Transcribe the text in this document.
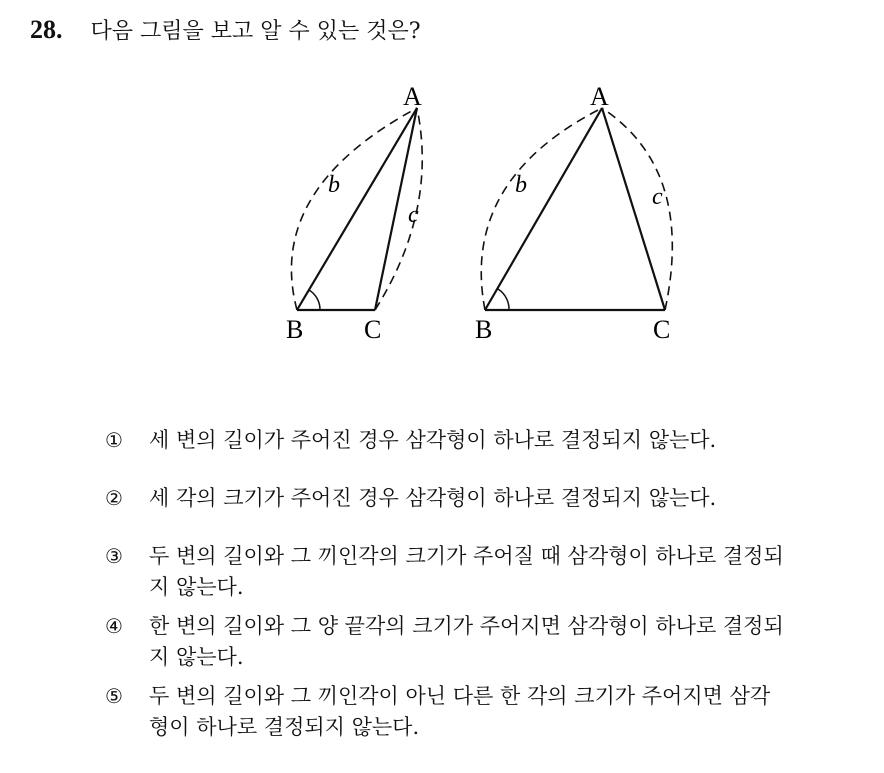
28. 다음 그림을 보고 알 수 있는 것은?
A
B C
b
c
A
B	C
b	c
①	세 변의 길이가 주어진 경우 삼각형이 하나로 결정되지 않는다.
②	세 각의 크기가 주어진 경우 삼각형이 하나로 결정되지 않는다.
③	두 변의 길이와 그 끼인각의 크기가 주어질 때 삼각형이 하나로 결정되지 않는다.
④	한 변의 길이와 그 양 끝각의 크기가 주어지면 삼각형이 하나로 결정되지 않는다.
⑤	두 변의 길이와 그 끼인각이 아닌 다른 한 각의 크기가 주어지면 삼각형이 하나로 결정되지 않는다.
